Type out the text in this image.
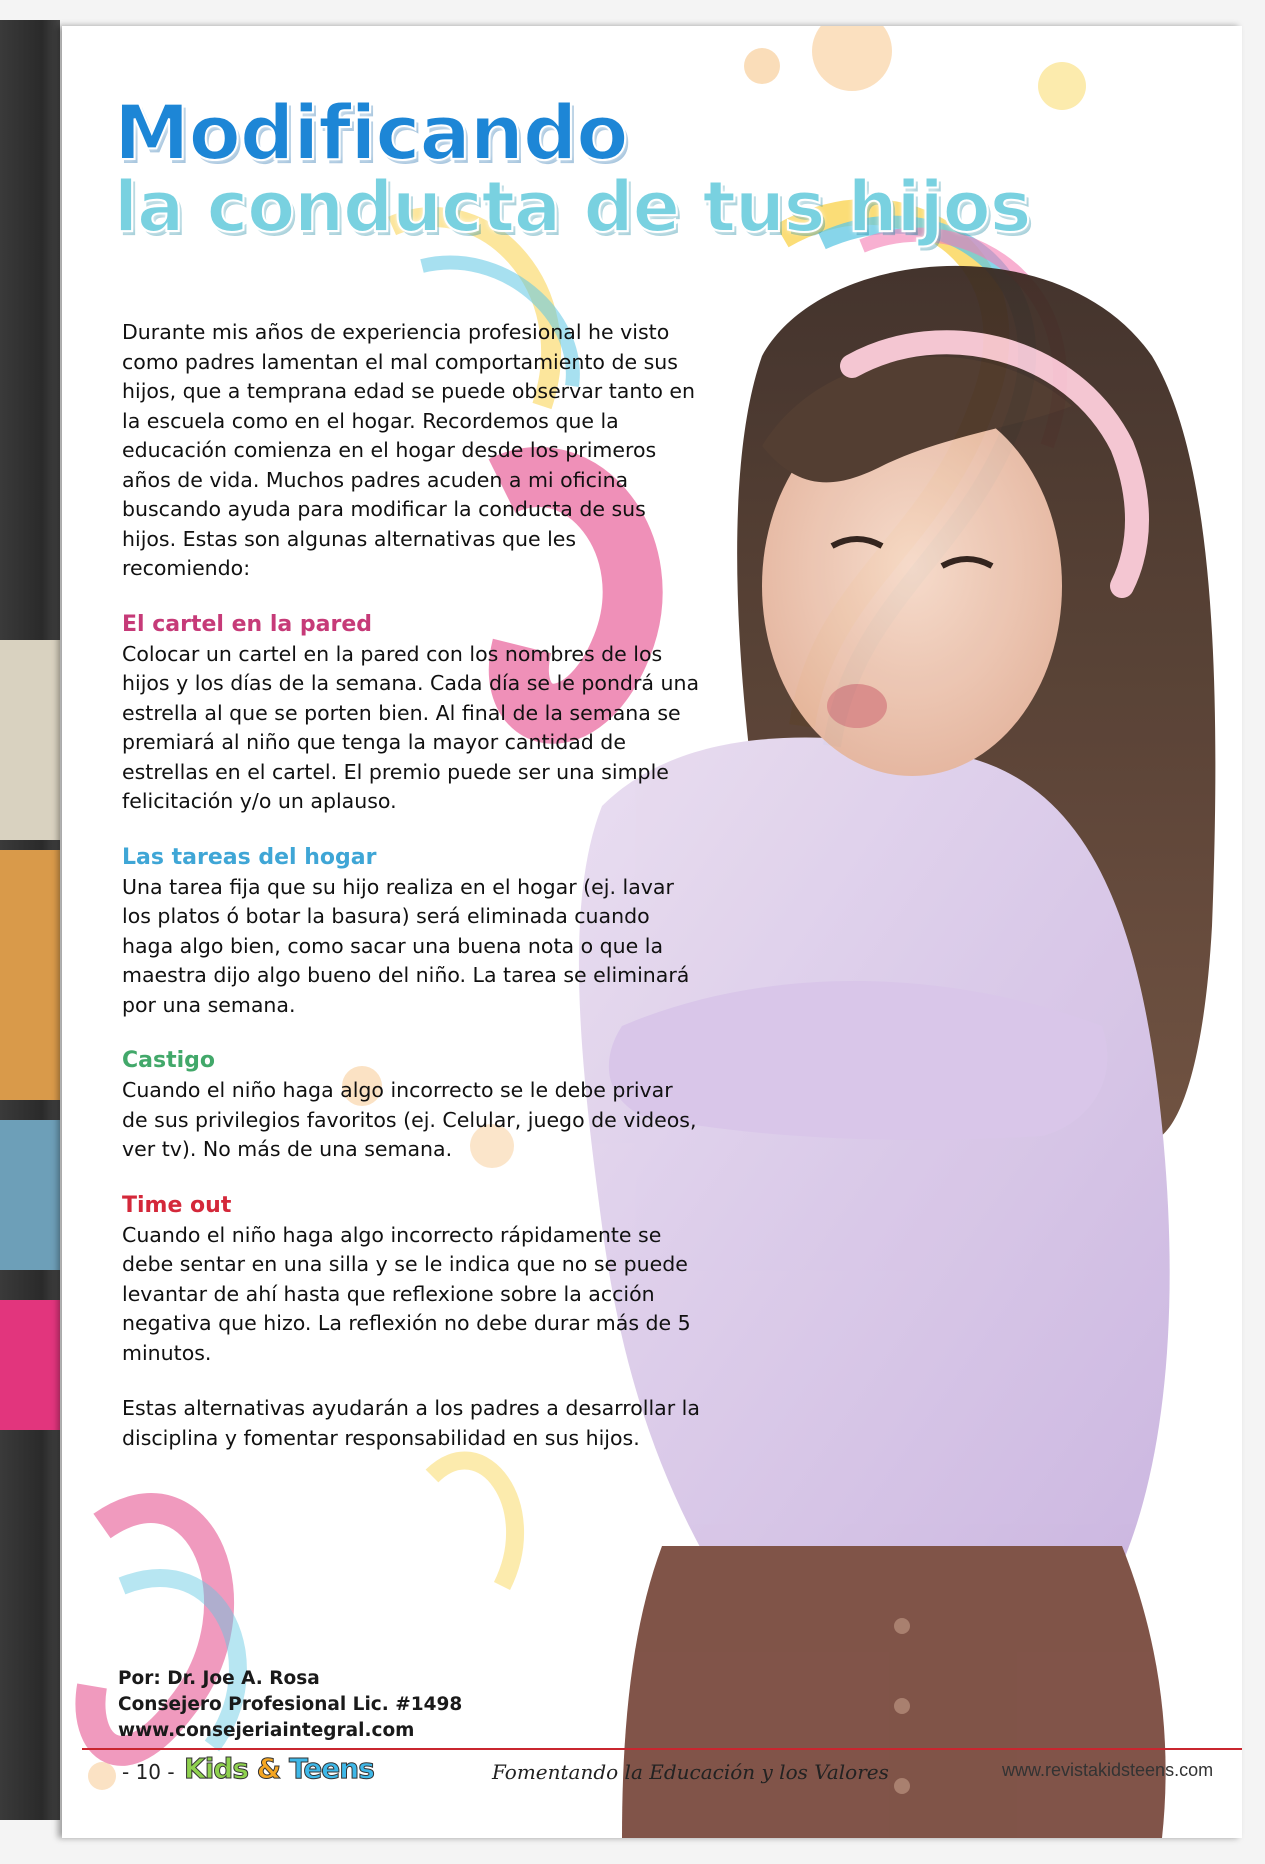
Modificando
la conducta de tus hijos

Durante mis años de experiencia profesional he visto como padres lamentan el mal comportamiento de sus hijos, que a temprana edad se puede observar tanto en la escuela como en el hogar. Recordemos que la educación comienza en el hogar desde los primeros años de vida. Muchos padres acuden a mi oficina buscando ayuda para modificar la conducta de sus hijos. Estas son algunas alternativas que les recomiendo:

El cartel en la pared

Colocar un cartel en la pared con los nombres de los hijos y los días de la semana. Cada día se le pondrá una estrella al que se porten bien. Al final de la semana se premiará al niño que tenga la mayor cantidad de estrellas en el cartel. El premio puede ser una simple felicitación y/o un aplauso.

Las tareas del hogar

Una tarea fija que su hijo realiza en el hogar (ej. lavar los platos ó botar la basura) será eliminada cuando haga algo bien, como sacar una buena nota o que la maestra dijo algo bueno del niño. La tarea se eliminará por una semana.

Castigo

Cuando el niño haga algo incorrecto se le debe privar de sus privilegios favoritos (ej. Celular, juego de videos, ver tv). No más de una semana.

Time out

Cuando el niño haga algo incorrecto rápidamente se debe sentar en una silla y se le indica que no se puede levantar de ahí hasta que reflexione sobre la acción negativa que hizo. La reflexión no debe durar más de 5 minutos.

Estas alternativas ayudarán a los padres a desarrollar la disciplina y fomentar responsabilidad en sus hijos.

Por: Dr. Joe A. Rosa
Consejero Profesional Lic. #1498
www.consejeriaintegral.com
- 10 - Kids & Teens	Fomentando la Educación y los Valores	www.revistakidsteens.com
